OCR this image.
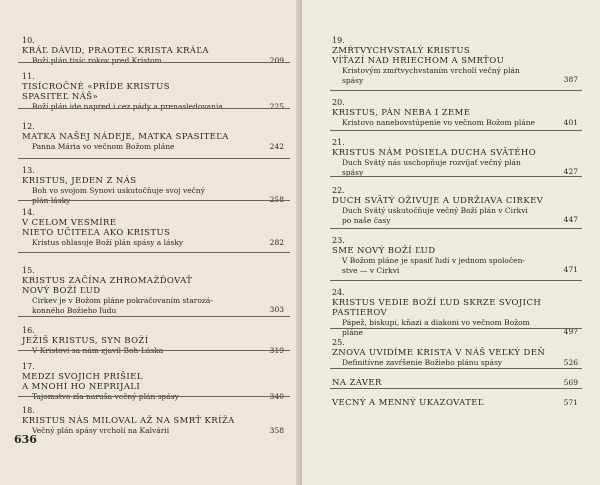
10.
KRÁĽ DÁVID, PRAOTEC KRISTA KRÁĽA
Boží plán tisíc rokov pred Kristom	209
11.
TISÍCROČNÉ «PRÍDE KRISTUS
SPASITEĽ NÁŠ»
Boží plán ide napred i cez pády a prenasledovania	225
12.
MATKA NAŠEJ NÁDEJE, MATKA SPASITEĽA
Panna Mária vo večnom Božom pláne	242
13.
KRISTUS, JEDEN Z NÁS
Boh vo svojom Synovi uskutočňuje svoj večný
plán lásky	258
14.
V CELOM VESMÍRE
NIETO UČITEĽA AKO KRISTUS
Kristus ohlasuje Boží plán spásy a lásky	282
15.
KRISTUS ZAČÍNA ZHROMAŽĎOVAŤ
NOVÝ BOŽÍ ĽUD
Cirkev je v Božom pláne pokračovaním starozá-
konného Božieho ľudu	303
16.
JEŽIŠ KRISTUS, SYN BOŽÍ
V Kristovi sa nám zjavil Boh-Láska	319
17.
MEDZI SVOJICH PRIŠIEL
A MNOHÍ HO NEPRIJALI
Tajomstvo zla naruša večný plán spásy	340
18.
KRISTUS NÁS MILOVAL AŽ NA SMRŤ KRÍŽA
Večný plán spásy vrcholí na Kalvárii	358
636
19.
ZMŔTVYCHVSTALÝ KRISTUS
VÍŤAZÍ NAD HRIECHOM A SMRŤOU
Kristovým zmŕtvychvstaním vrcholí večný plán
spásy	387
20.
KRISTUS, PÁN NEBA I ZEME
Kristovo nanebovstúpenie vo večnom Božom pláne	401
21.
KRISTUS NÁM POSIELA DUCHA SVÄTÉHO
Duch Svätý nás uschopňuje rozvíjať večný plán
spásy	427
22.
DUCH SVÄTÝ OŽIVUJE A UDRŽIAVA CIRKEV
Duch Svätý uskutočňuje večný Boží plán v Cirkvi
po naše časy	447
23.
SME NOVÝ BOŽÍ ĽUD
V Božom pláne je spasiť ľudí v jednom spoločen-
stve — v Cirkvi	471
24.
KRISTUS VEDIE BOŽÍ ĽUD SKRZE SVOJICH
PASTIEROV
Pápež, biskupi, kňazi a diakoni vo večnom Božom
pláne	497
25.
ZNOVA UVIDÍME KRISTA V NÁŠ VEĽKÝ DEŇ
Definitívne zavŕšenie Božieho plánu spásy	526
NA ZÁVER	569
VECNÝ A MENNÝ UKAZOVATEĽ	571
